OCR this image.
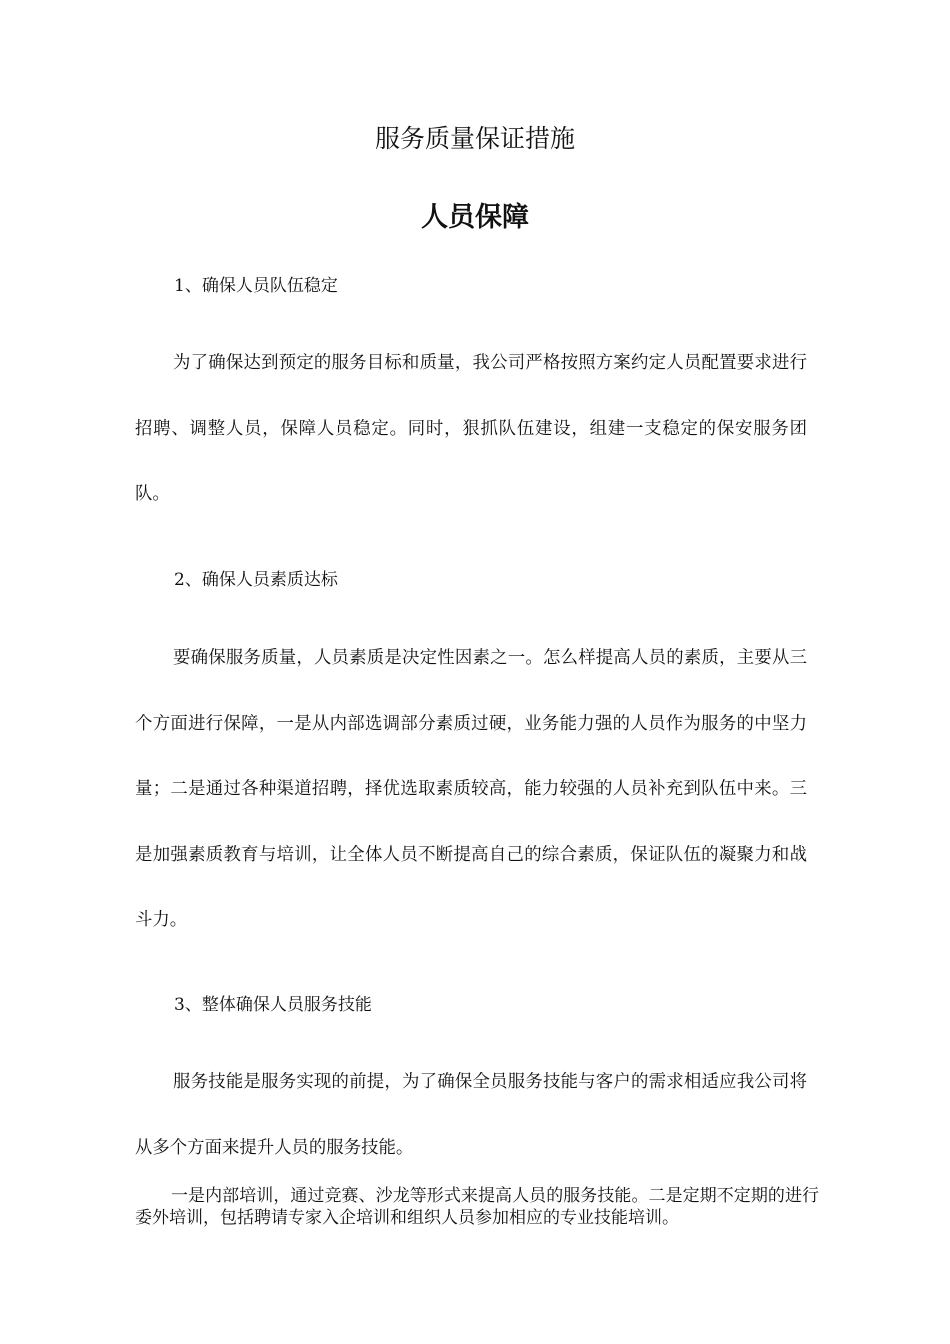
服务质量保证措施
人员保障
1、确保人员队伍稳定

为了确保达到预定的服务目标和质量，我公司严格按照方案约定人员配置要求进行招聘、调整人员，保障人员稳定。同时，狠抓队伍建设，组建一支稳定的保安服务团队。

2、确保人员素质达标

要确保服务质量，人员素质是决定性因素之一。怎么样提高人员的素质，主要从三个方面进行保障，一是从内部选调部分素质过硬，业务能力强的人员作为服务的中坚力量；二是通过各种渠道招聘，择优选取素质较高，能力较强的人员补充到队伍中来。三是加强素质教育与培训，让全体人员不断提高自己的综合素质，保证队伍的凝聚力和战斗力。

3、整体确保人员服务技能

服务技能是服务实现的前提，为了确保全员服务技能与客户的需求相适应我公司将从多个方面来提升人员的服务技能。

一是内部培训，通过竞赛、沙龙等形式来提高人员的服务技能。二是定期不定期的进行委外培训，包括聘请专家入企培训和组织人员参加相应的专业技能培训。
